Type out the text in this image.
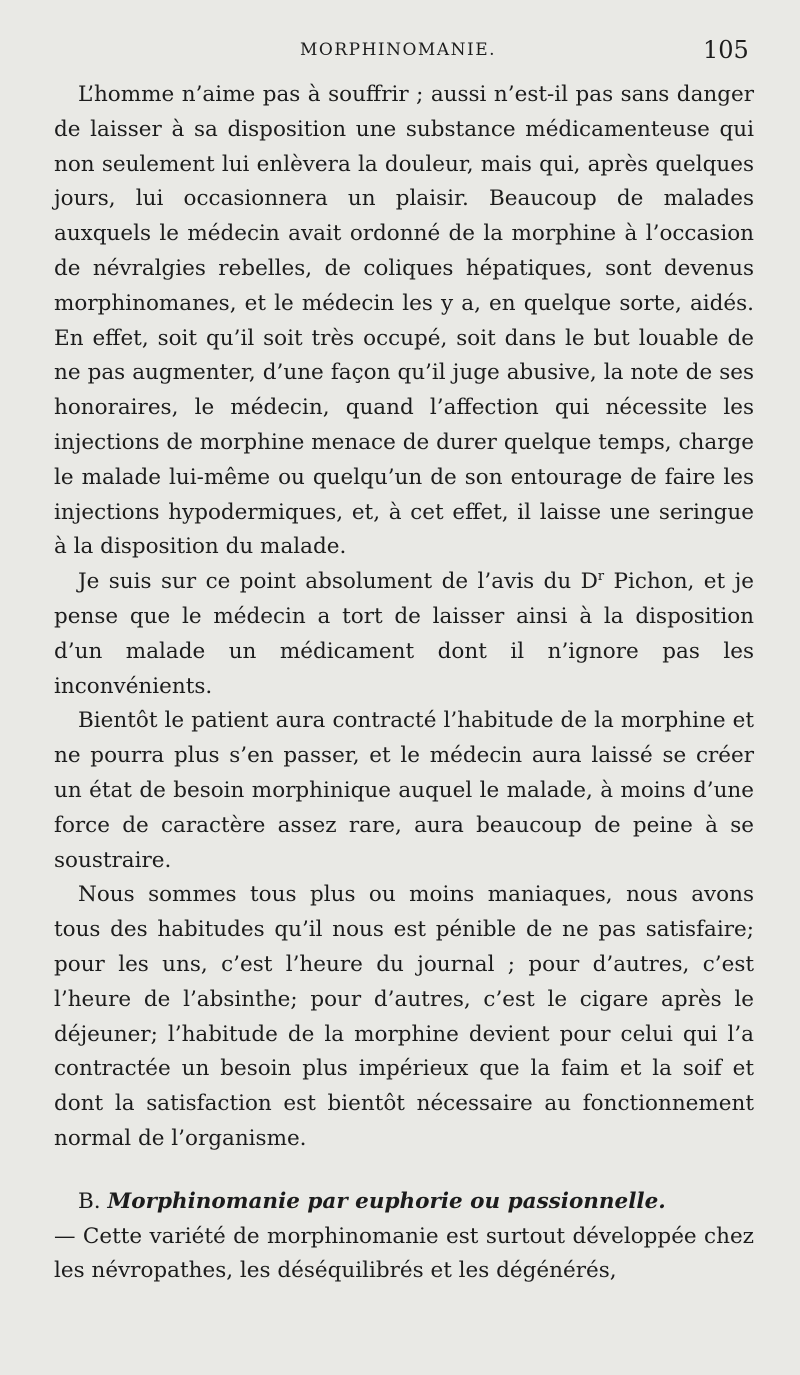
MORPHINOMANIE.	105

L’homme n’aime pas à souffrir ; aussi n’est-il pas sans danger de laisser à sa disposition une substance médicamenteuse qui non seulement lui enlèvera la douleur, mais qui, après quelques jours, lui occasionnera un plaisir. Beaucoup de malades auxquels le médecin avait ordonné de la morphine à l’occasion de névralgies rebelles, de coliques hépatiques, sont devenus morphinomanes, et le médecin les y a, en quelque sorte, aidés. En effet, soit qu’il soit très occupé, soit dans le but louable de ne pas augmenter, d’une façon qu’il juge abusive, la note de ses honoraires, le médecin, quand l’affection qui nécessite les injections de morphine menace de durer quelque temps, charge le malade lui-même ou quelqu’un de son entourage de faire les injections hypodermiques, et, à cet effet, il laisse une seringue à la disposition du malade.

Je suis sur ce point absolument de l’avis du $D^r$ Pichon, et je pense que le médecin a tort de laisser ainsi à la disposition d’un malade un médicament dont il n’ignore pas les inconvénients.

Bientôt le patient aura contracté l’habitude de la morphine et ne pourra plus s’en passer, et le médecin aura laissé se créer un état de besoin morphinique auquel le malade, à moins d’une force de caractère assez rare, aura beaucoup de peine à se soustraire.

Nous sommes tous plus ou moins maniaques, nous avons tous des habitudes qu’il nous est pénible de ne pas satisfaire; pour les uns, c’est l’heure du journal ; pour d’autres, c’est l’heure de l’absinthe; pour d’autres, c’est le cigare après le déjeuner; l’habitude de la morphine devient pour celui qui l’a contractée un besoin plus impérieux que la faim et la soif et dont la satisfaction est bientôt nécessaire au fonctionnement normal de l’organisme.

B. Morphinomanie par euphorie ou passionnelle.
— Cette variété de morphinomanie est surtout développée chez les névropathes, les déséquilibrés et les dégénérés,
